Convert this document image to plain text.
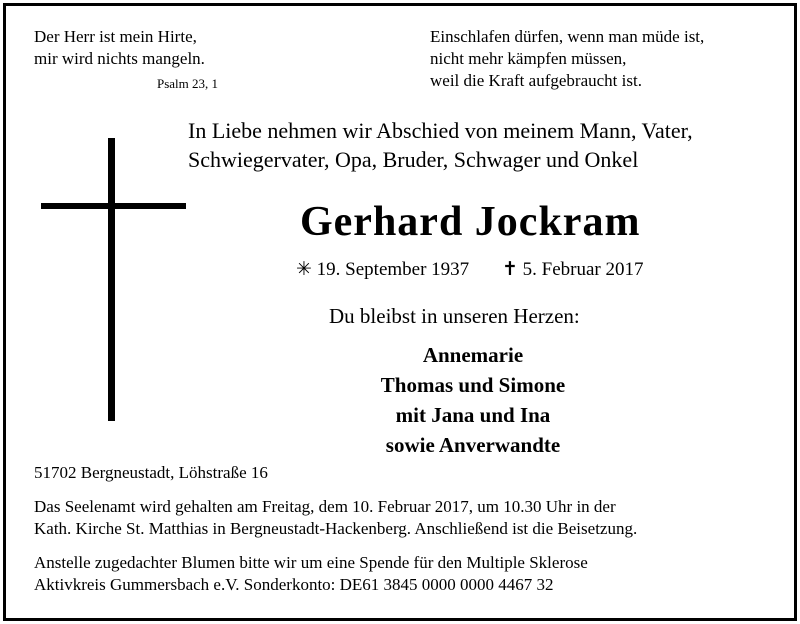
Der Herr ist mein Hirte,
mir wird nichts mangeln.
Psalm 23, 1
Einschlafen dürfen, wenn man müde ist,
nicht mehr kämpfen müssen,
weil die Kraft aufgebraucht ist.
In Liebe nehmen wir Abschied von meinem Mann, Vater,
Schwiegervater, Opa, Bruder, Schwager und Onkel
Gerhard Jockram
✳ 19. September 1937 ✝ 5. Februar 2017
Du bleibst in unseren Herzen:
Annemarie
Thomas und Simone
mit Jana und Ina
sowie Anverwandte
51702 Bergneustadt, Löhstraße 16
Das Seelenamt wird gehalten am Freitag, dem 10. Februar 2017, um 10.30 Uhr in der
Kath. Kirche St. Matthias in Bergneustadt-Hackenberg. Anschließend ist die Beisetzung.
Anstelle zugedachter Blumen bitte wir um eine Spende für den Multiple Sklerose
Aktivkreis Gummersbach e.V. Sonderkonto: DE61 3845 0000 0000 4467 32
